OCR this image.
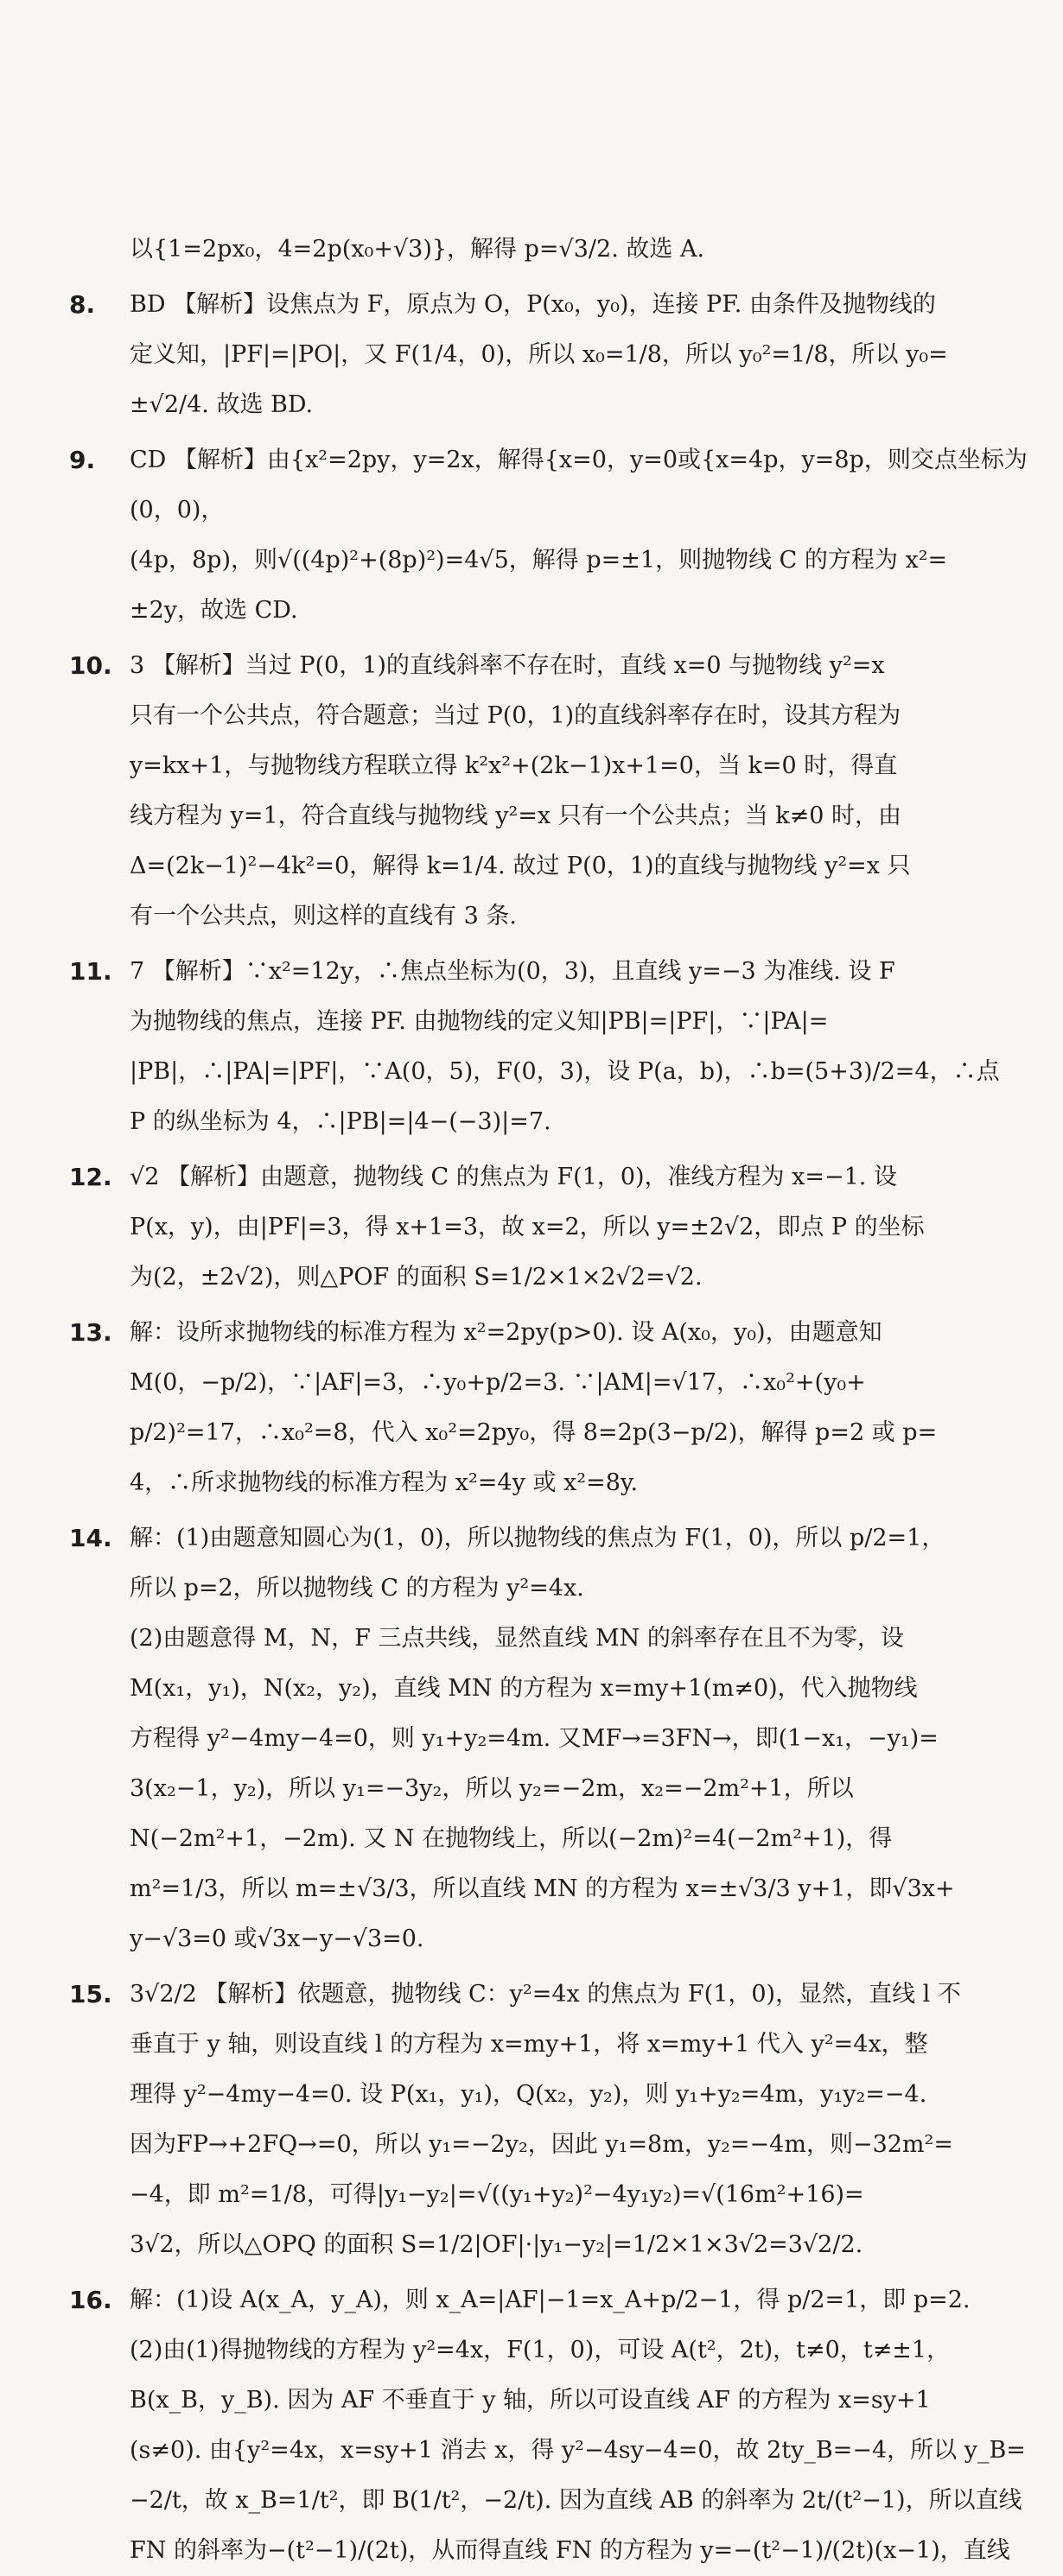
以{1=2px₀，4=2p(x₀+√3)}，解得 p=√3/2. 故选 A.
8. BD 【解析】设焦点为 F，原点为 O，P(x₀，y₀)，连接 PF. 由条件及抛物线的
定义知，|PF|=|PO|，又 F(1/4，0)，所以 x₀=1/8，所以 y₀²=1/8，所以 y₀=
±√2/4. 故选 BD.
9. CD 【解析】由{x²=2py，y=2x，解得{x=0，y=0或{x=4p，y=8p，则交点坐标为(0，0)，
(4p，8p)，则√((4p)²+(8p)²)=4√5，解得 p=±1，则抛物线 C 的方程为 x²=
±2y，故选 CD.
10. 3 【解析】当过 P(0，1)的直线斜率不存在时，直线 x=0 与抛物线 y²=x
只有一个公共点，符合题意；当过 P(0，1)的直线斜率存在时，设其方程为
y=kx+1，与抛物线方程联立得 k²x²+(2k−1)x+1=0，当 k=0 时，得直
线方程为 y=1，符合直线与抛物线 y²=x 只有一个公共点；当 k≠0 时，由
Δ=(2k−1)²−4k²=0，解得 k=1/4. 故过 P(0，1)的直线与抛物线 y²=x 只
有一个公共点，则这样的直线有 3 条.
11. 7 【解析】∵x²=12y，∴焦点坐标为(0，3)，且直线 y=−3 为准线. 设 F
为抛物线的焦点，连接 PF. 由抛物线的定义知|PB|=|PF|，∵|PA|=
|PB|，∴|PA|=|PF|，∵A(0，5)，F(0，3)，设 P(a，b)，∴b=(5+3)/2=4，∴点
P 的纵坐标为 4，∴|PB|=|4−(−3)|=7.
12. √2 【解析】由题意，抛物线 C 的焦点为 F(1，0)，准线方程为 x=−1. 设
P(x，y)，由|PF|=3，得 x+1=3，故 x=2，所以 y=±2√2，即点 P 的坐标
为(2，±2√2)，则△POF 的面积 S=1/2×1×2√2=√2.
13. 解：设所求抛物线的标准方程为 x²=2py(p>0). 设 A(x₀，y₀)，由题意知
M(0，−p/2)，∵|AF|=3，∴y₀+p/2=3. ∵|AM|=√17，∴x₀²+(y₀+
p/2)²=17，∴x₀²=8，代入 x₀²=2py₀，得 8=2p(3−p/2)，解得 p=2 或 p=
4，∴所求抛物线的标准方程为 x²=4y 或 x²=8y.
14. 解：(1)由题意知圆心为(1，0)，所以抛物线的焦点为 F(1，0)，所以 p/2=1，
所以 p=2，所以抛物线 C 的方程为 y²=4x.
(2)由题意得 M，N，F 三点共线，显然直线 MN 的斜率存在且不为零，设
M(x₁，y₁)，N(x₂，y₂)，直线 MN 的方程为 x=my+1(m≠0)，代入抛物线
方程得 y²−4my−4=0，则 y₁+y₂=4m. 又MF→=3FN→，即(1−x₁，−y₁)=
3(x₂−1，y₂)，所以 y₁=−3y₂，所以 y₂=−2m，x₂=−2m²+1，所以
N(−2m²+1，−2m). 又 N 在抛物线上，所以(−2m)²=4(−2m²+1)，得
m²=1/3，所以 m=±√3/3，所以直线 MN 的方程为 x=±√3/3 y+1，即√3x+
y−√3=0 或√3x−y−√3=0.
15. 3√2/2 【解析】依题意，抛物线 C：y²=4x 的焦点为 F(1，0)，显然，直线 l 不
垂直于 y 轴，则设直线 l 的方程为 x=my+1，将 x=my+1 代入 y²=4x，整
理得 y²−4my−4=0. 设 P(x₁，y₁)，Q(x₂，y₂)，则 y₁+y₂=4m，y₁y₂=−4.
因为FP→+2FQ→=0，所以 y₁=−2y₂，因此 y₁=8m，y₂=−4m，则−32m²=
−4，即 m²=1/8，可得|y₁−y₂|=√((y₁+y₂)²−4y₁y₂)=√(16m²+16)=
3√2，所以△OPQ 的面积 S=1/2|OF|·|y₁−y₂|=1/2×1×3√2=3√2/2.
16. 解：(1)设 A(x_A，y_A)，则 x_A=|AF|−1=x_A+p/2−1，得 p/2=1，即 p=2.
(2)由(1)得抛物线的方程为 y²=4x，F(1，0)，可设 A(t²，2t)，t≠0，t≠±1，
B(x_B，y_B). 因为 AF 不垂直于 y 轴，所以可设直线 AF 的方程为 x=sy+1
(s≠0). 由{y²=4x，x=sy+1 消去 x，得 y²−4sy−4=0，故 2ty_B=−4，所以 y_B=
−2/t，故 x_B=1/t²，即 B(1/t²，−2/t). 因为直线 AB 的斜率为 2t/(t²−1)，所以直线
FN 的斜率为−(t²−1)/(2t)，从而得直线 FN 的方程为 y=−(t²−1)/(2t)(x−1)，直线
